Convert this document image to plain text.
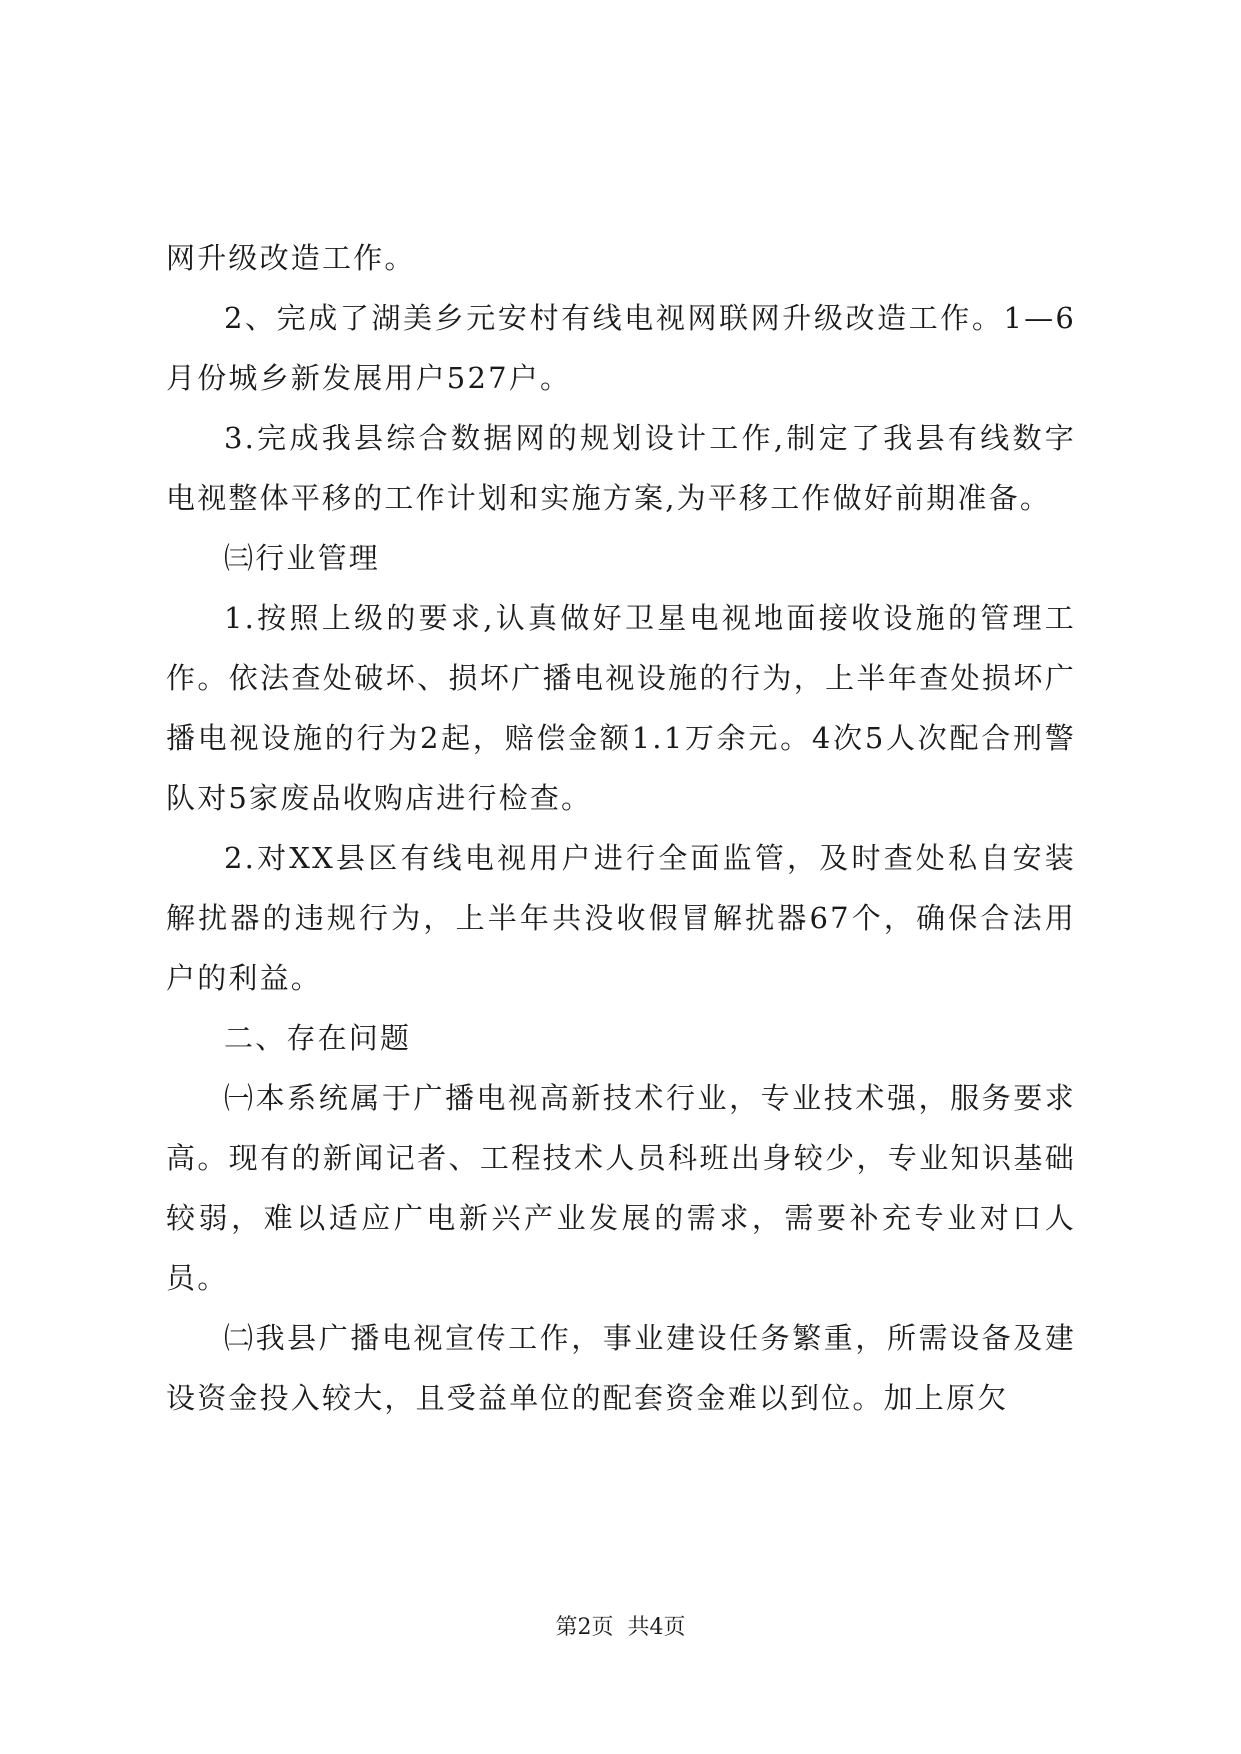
网升级改造工作。

2、完成了湖美乡元安村有线电视网联网升级改造工作。1—6月份城乡新发展用户527户。

3.完成我县综合数据网的规划设计工作,制定了我县有线数字电视整体平移的工作计划和实施方案,为平移工作做好前期准备。

㈢行业管理

1.按照上级的要求,认真做好卫星电视地面接收设施的管理工作。依法查处破坏、损坏广播电视设施的行为，上半年查处损坏广播电视设施的行为2起，赔偿金额1.1万余元。4次5人次配合刑警队对5家废品收购店进行检查。

2.对XX县区有线电视用户进行全面监管，及时查处私自安装解扰器的违规行为，上半年共没收假冒解扰器67个，确保合法用户的利益。

二、存在问题

㈠本系统属于广播电视高新技术行业，专业技术强，服务要求高。现有的新闻记者、工程技术人员科班出身较少，专业知识基础较弱，难以适应广电新兴产业发展的需求，需要补充专业对口人员。

㈡我县广播电视宣传工作，事业建设任务繁重，所需设备及建设资金投入较大，且受益单位的配套资金难以到位。加上原欠

第2页  共4页
